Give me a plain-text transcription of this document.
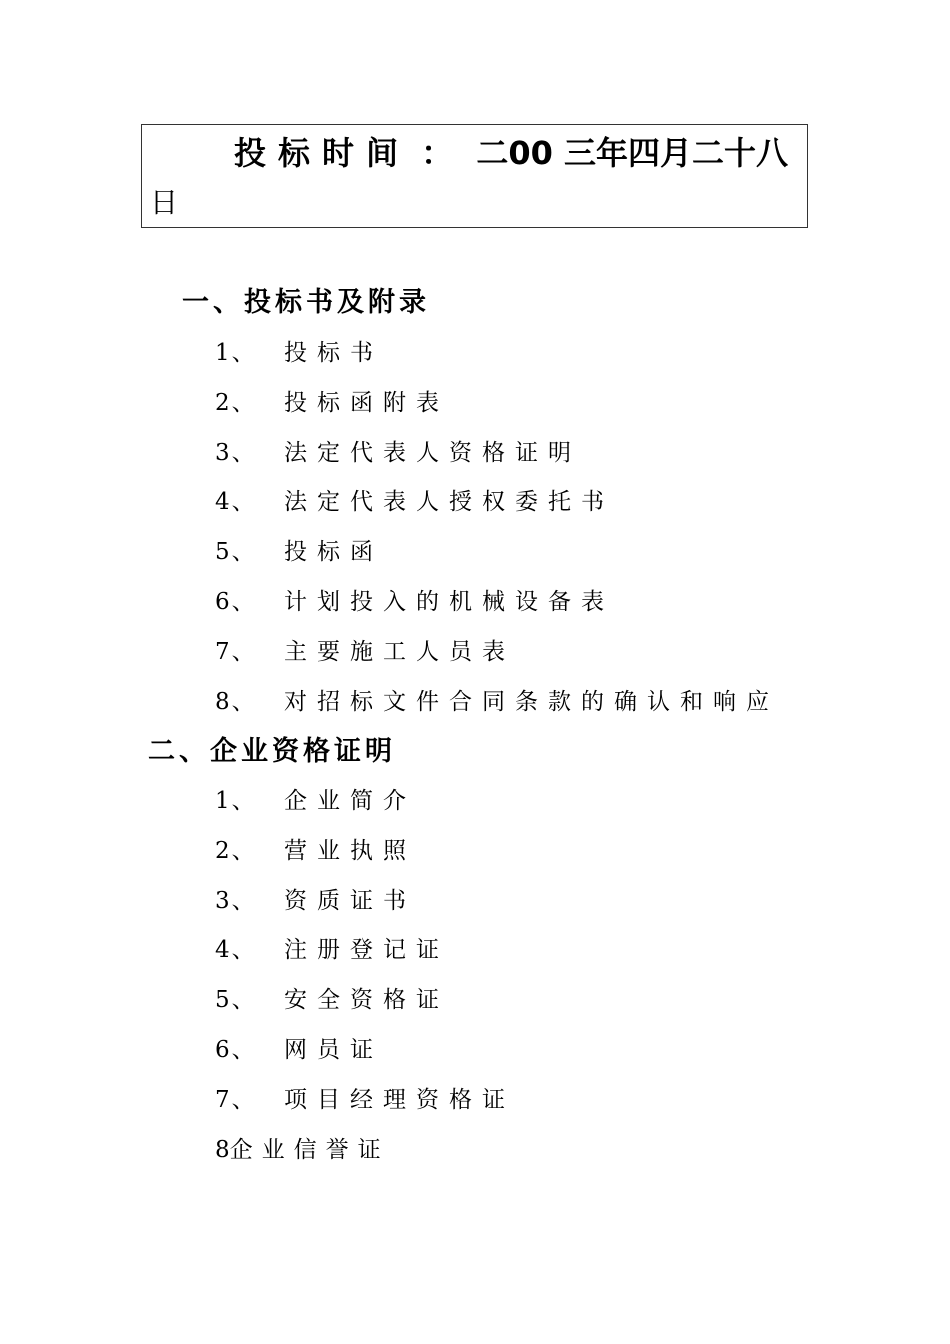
投标时间 ： 二00 三年四月二十八
日
一、投标书及附录
1、 投标书
2、 投标函附表
3、 法定代表人资格证明
4、 法定代表人授权委托书
5、 投标函
6、 计划投入的机械设备表
7、 主要施工人员表
8、 对招标文件合同条款的确认和响应
二、企业资格证明
1、 企业简介
2、 营业执照
3、 资质证书
4、 注册登记证
5、 安全资格证
6、 网员证
7、 项目经理资格证
8企业信誉证
